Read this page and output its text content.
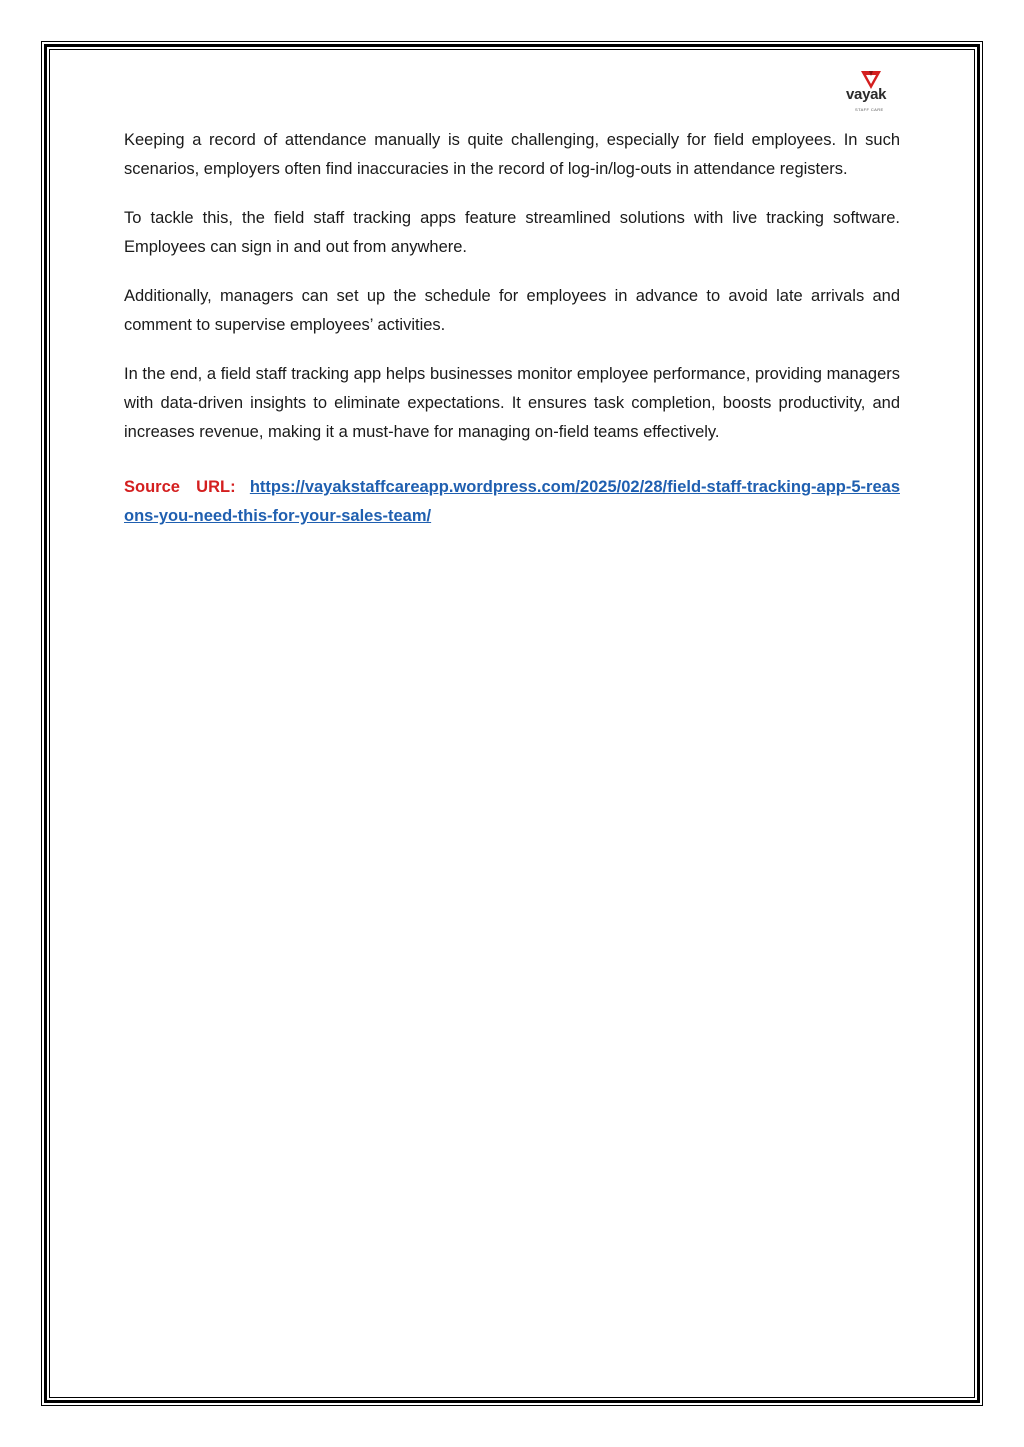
vayak
STAFF CARE

Keeping a record of attendance manually is quite challenging, especially for field employees. In such scenarios, employers often find inaccuracies in the record of log-in/log-outs in attendance registers.

To tackle this, the field staff tracking apps feature streamlined solutions with live tracking software. Employees can sign in and out from anywhere.

Additionally, managers can set up the schedule for employees in advance to avoid late arrivals and comment to supervise employees’ activities.

In the end, a field staff tracking app helps businesses monitor employee performance, providing managers with data-driven insights to eliminate expectations. It ensures task completion, boosts productivity, and increases revenue, making it a must-have for managing on-field teams effectively.

Source URL: https://vayakstaffcareapp.wordpress.com/2025/02/28/field-staff-tracking-app-5-reasons-you-need-this-for-your-sales-team/
